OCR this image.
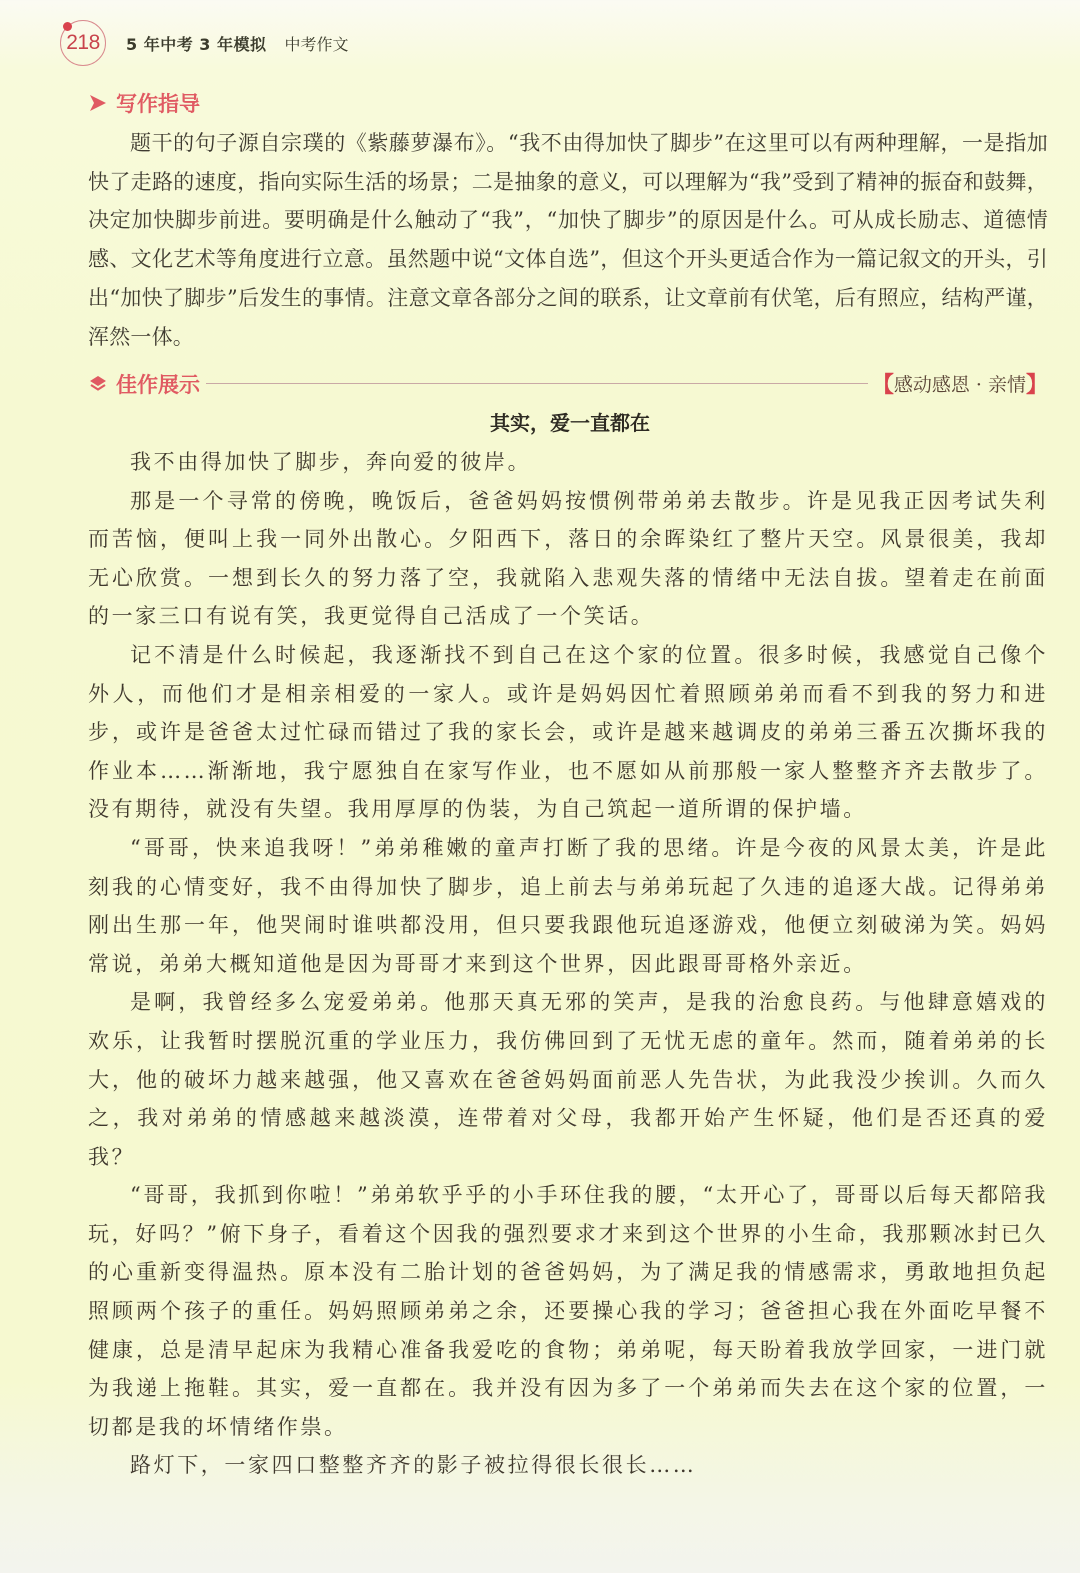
218 5 年中考 3 年模拟 中考作文
写作指导

题干的句子源自宗璞的《紫藤萝瀑布》。“我不由得加快了脚步”在这里可以有两种理解，一是指加快了走路的速度，指向实际生活的场景；二是抽象的意义，可以理解为“我”受到了精神的振奋和鼓舞，决定加快脚步前进。要明确是什么触动了“我”，“加快了脚步”的原因是什么。可从成长励志、道德情感、文化艺术等角度进行立意。虽然题中说“文体自选”，但这个开头更适合作为一篇记叙文的开头，引出“加快了脚步”后发生的事情。注意文章各部分之间的联系，让文章前有伏笔，后有照应，结构严谨，浑然一体。

佳作展示	【 感动感恩 · 亲情 】
其实，爱一直都在

我不由得加快了脚步，奔向爱的彼岸。

那是一个寻常的傍晚，晚饭后，爸爸妈妈按惯例带弟弟去散步。许是见我正因考试失利而苦恼，便叫上我一同外出散心。夕阳西下，落日的余晖染红了整片天空。风景很美，我却无心欣赏。一想到长久的努力落了空，我就陷入悲观失落的情绪中无法自拔。望着走在前面的一家三口有说有笑，我更觉得自己活成了一个笑话。

记不清是什么时候起，我逐渐找不到自己在这个家的位置。很多时候，我感觉自己像个外人，而他们才是相亲相爱的一家人。或许是妈妈因忙着照顾弟弟而看不到我的努力和进步，或许是爸爸太过忙碌而错过了我的家长会，或许是越来越调皮的弟弟三番五次撕坏我的作业本……渐渐地，我宁愿独自在家写作业，也不愿如从前那般一家人整整齐齐去散步了。没有期待，就没有失望。我用厚厚的伪装，为自己筑起一道所谓的保护墙。

“哥哥，快来追我呀！”弟弟稚嫩的童声打断了我的思绪。许是今夜的风景太美，许是此刻我的心情变好，我不由得加快了脚步，追上前去与弟弟玩起了久违的追逐大战。记得弟弟刚出生那一年，他哭闹时谁哄都没用，但只要我跟他玩追逐游戏，他便立刻破涕为笑。妈妈常说，弟弟大概知道他是因为哥哥才来到这个世界，因此跟哥哥格外亲近。

是啊，我曾经多么宠爱弟弟。他那天真无邪的笑声，是我的治愈良药。与他肆意嬉戏的欢乐，让我暂时摆脱沉重的学业压力，我仿佛回到了无忧无虑的童年。然而，随着弟弟的长大，他的破坏力越来越强，他又喜欢在爸爸妈妈面前恶人先告状，为此我没少挨训。久而久之，我对弟弟的情感越来越淡漠，连带着对父母，我都开始产生怀疑，他们是否还真的爱我？

“哥哥，我抓到你啦！”弟弟软乎乎的小手环住我的腰，“太开心了，哥哥以后每天都陪我玩，好吗？”俯下身子，看着这个因我的强烈要求才来到这个世界的小生命，我那颗冰封已久的心重新变得温热。原本没有二胎计划的爸爸妈妈，为了满足我的情感需求，勇敢地担负起照顾两个孩子的重任。妈妈照顾弟弟之余，还要操心我的学习；爸爸担心我在外面吃早餐不健康，总是清早起床为我精心准备我爱吃的食物；弟弟呢，每天盼着我放学回家，一进门就为我递上拖鞋。其实，爱一直都在。我并没有因为多了一个弟弟而失去在这个家的位置，一切都是我的坏情绪作祟。

路灯下，一家四口整整齐齐的影子被拉得很长很长……
